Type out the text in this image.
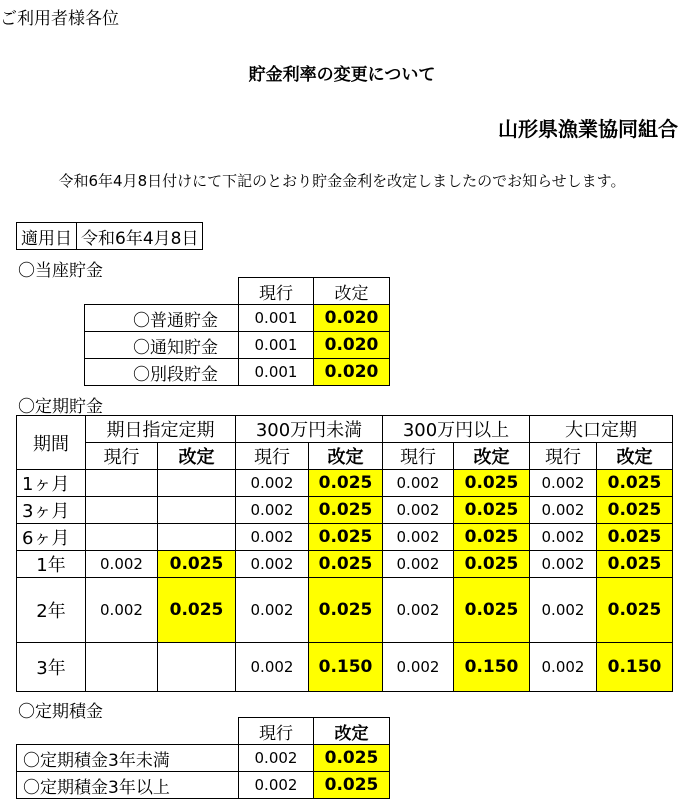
ご利用者様各位
貯金利率の変更について
山形県漁業協同組合
令和6年4月8日付けにて下記のとおり貯金金利を改定しましたのでお知らせします。
適用日	令和6年4月8日
〇当座貯金
	現行	改定
〇普通貯金	0.001	0.020
〇通知貯金	0.001	0.020
〇別段貯金	0.001	0.020
〇定期貯金
期間	期日指定定期		300万円未満		300万円以上		大口定期	
	現行	改定	現行	改定	現行	改定	現行	改定
1ヶ月			0.002	0.025	0.002	0.025	0.002	0.025
3ヶ月			0.002	0.025	0.002	0.025	0.002	0.025
6ヶ月			0.002	0.025	0.002	0.025	0.002	0.025
1年	0.002	0.025	0.002	0.025	0.002	0.025	0.002	0.025
2年	0.002	0.025	0.002	0.025	0.002	0.025	0.002	0.025
3年			0.002	0.150	0.002	0.150	0.002	0.150
〇定期積金
	現行	改定
〇定期積金3年未満	0.002	0.025
〇定期積金3年以上	0.002	0.025
